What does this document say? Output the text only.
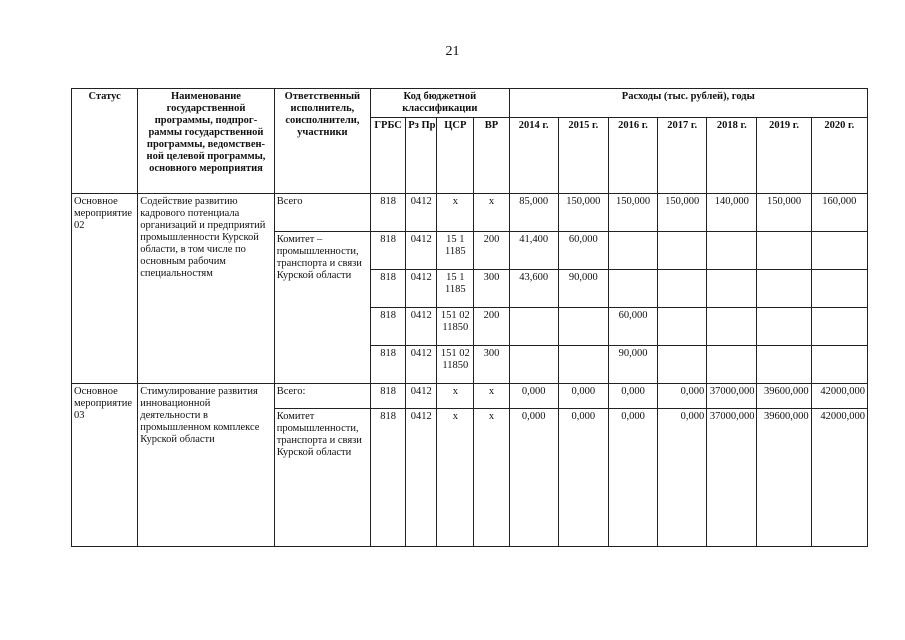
21
Статус	Наименование государственной программы, подпрограммы государственной программы, ведомственной целевой программы, основного мероприятия	Ответственный исполнитель, соисполнители, участники	Код бюджетной классификации				Расходы (тыс. рублей), годы						
			ГРБС	Рз Пр	ЦСР	ВР	2014 г.	2015 г.	2016 г.	2017 г.	2018 г.	2019 г.	2020 г.
Основное мероприятие 02	Содействие развитию кадрового потенциала организаций и предприятий промышленности Курской области, в том числе по основным рабочим специальностям	Всего	818	0412	х	х	85,000	150,000	150,000	150,000	140,000	150,000	160,000
		Комитет – промышленности, транспорта и связи Курской области	818	0412	15 1 1185	200	41,400	60,000					
			818	0412	15 1 1185	300	43,600	90,000					
			818	0412	151 02 11850	200			60,000				
			818	0412	151 02 11850	300			90,000				
Основное мероприятие 03	Стимулирование развития инновационной деятельности в промышленном комплексе Курской области	Всего:	818	0412	х	х	0,000	0,000	0,000	0,000	37000,000	39600,000	42000,000
		Комитет промышленности, транспорта и связи Курской области	818	0412	х	х	0,000	0,000	0,000	0,000	37000,000	39600,000	42000,000
